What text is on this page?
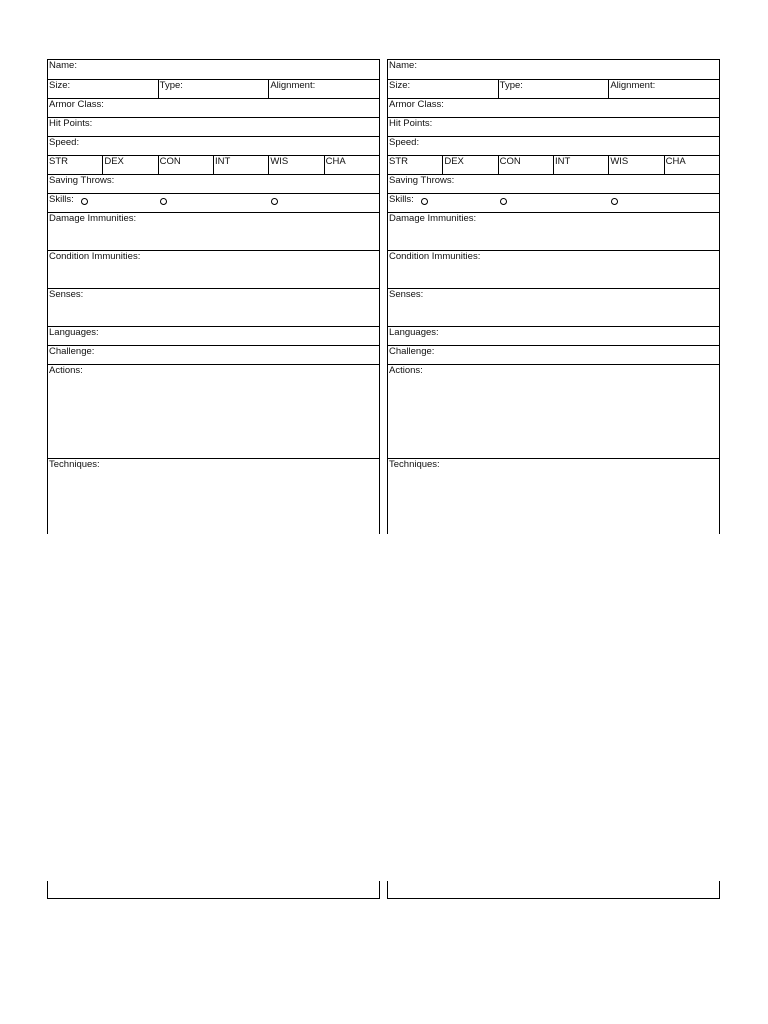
Name:
Size:	Type:	Alignment:
Armor Class:
Hit Points:
Speed:
STR	DEX	CON	INT	WIS	CHA
Saving Throws:
Skills:
Damage Immunities:
Condition Immunities:
Senses:
Languages:
Challenge:
Actions:
Techniques:
Name:
Size:	Type:	Alignment:
Armor Class:
Hit Points:
Speed:
STR	DEX	CON	INT	WIS	CHA
Saving Throws:
Skills:
Damage Immunities:
Condition Immunities:
Senses:
Languages:
Challenge:
Actions:
Techniques:
